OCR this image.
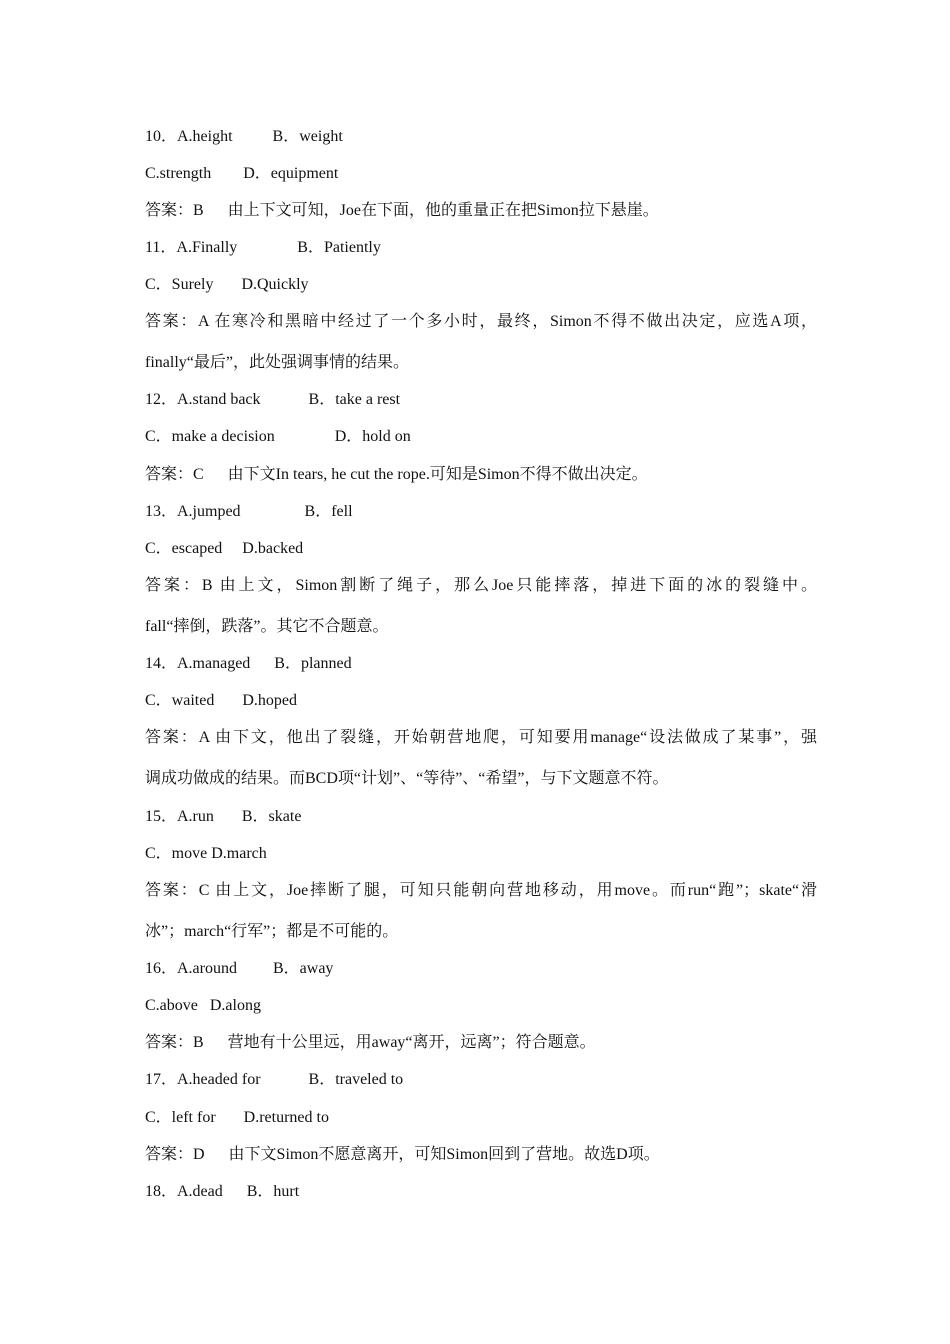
10．A.height          B．weight
C.strength        D．equipment
答案：B      由上下文可知，Joe在下面，他的重量正在把Simon拉下悬崖。
11．A.Finally               B．Patiently
C．Surely       D.Quickly
答案：A 在寒冷和黑暗中经过了一个多小时，最终，Simon不得不做出决定，应选A项，
finally“最后”，此处强调事情的结果。
12．A.stand back            B．take a rest
C．make a decision               D．hold on
答案：C      由下文In tears, he cut the rope.可知是Simon不得不做出决定。
13．A.jumped                B．fell
C．escaped     D.backed
答案：B 由上文，Simon割断了绳子，那么Joe只能摔落，掉进下面的冰的裂缝中。
fall“摔倒，跌落”。其它不合题意。
14．A.managed      B．planned
C．waited       D.hoped
答案：A 由下文，他出了裂缝，开始朝营地爬，可知要用manage“设法做成了某事”，强
调成功做成的结果。而BCD项“计划”、“等待”、“希望”，与下文题意不符。
15．A.run       B．skate
C．move D.march
答案：C 由上文，Joe摔断了腿，可知只能朝向营地移动，用move。而run“跑”；skate“滑
冰”；march“行军”；都是不可能的。
16．A.around         B．away
C.above   D.along
答案：B      营地有十公里远，用away“离开，远离”；符合题意。
17．A.headed for            B．traveled to
C．left for       D.returned to
答案：D      由下文Simon不愿意离开，可知Simon回到了营地。故选D项。
18．A.dead      B．hurt
